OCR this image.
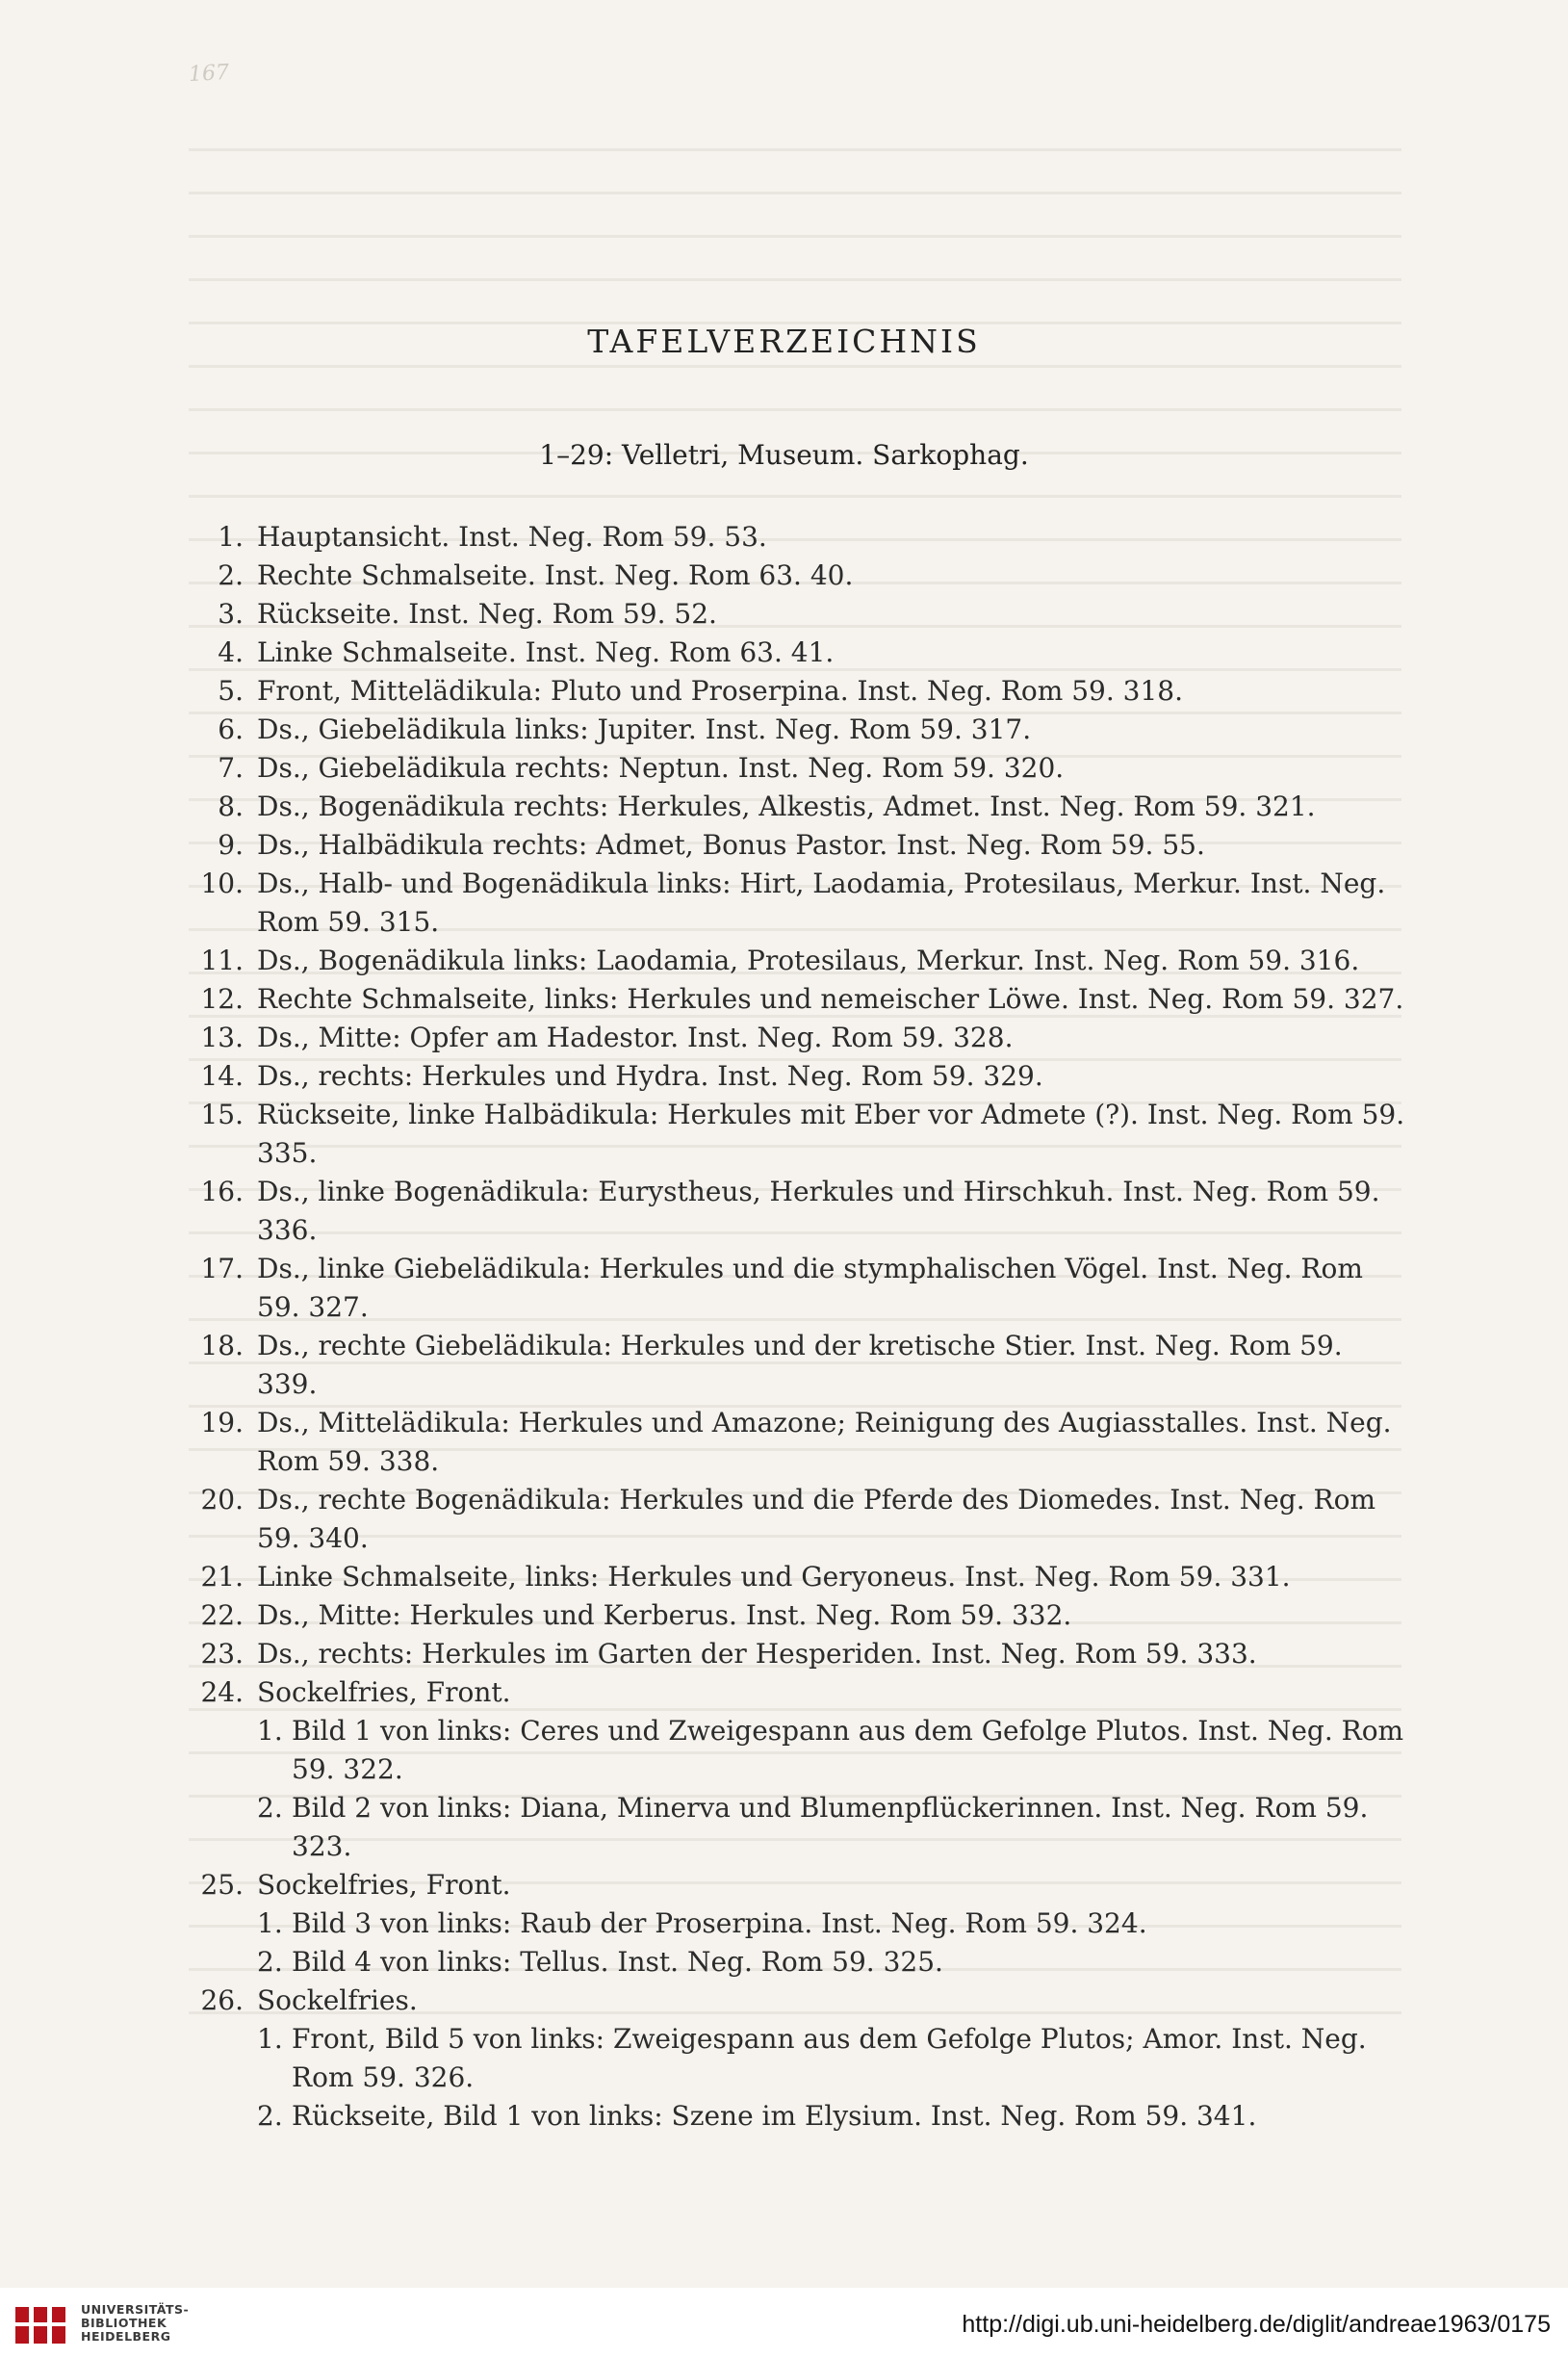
167
TAFELVERZEICHNIS
1–29: Velletri, Museum. Sarkophag.
1. Hauptansicht. Inst. Neg. Rom 59. 53.
2. Rechte Schmalseite. Inst. Neg. Rom 63. 40.
3. Rückseite. Inst. Neg. Rom 59. 52.
4. Linke Schmalseite. Inst. Neg. Rom 63. 41.
5. Front, Mittelädikula: Pluto und Proserpina. Inst. Neg. Rom 59. 318.
6. Ds., Giebelädikula links: Jupiter. Inst. Neg. Rom 59. 317.
7. Ds., Giebelädikula rechts: Neptun. Inst. Neg. Rom 59. 320.
8. Ds., Bogenädikula rechts: Herkules, Alkestis, Admet. Inst. Neg. Rom 59. 321.
9. Ds., Halbädikula rechts: Admet, Bonus Pastor. Inst. Neg. Rom 59. 55.
10. Ds., Halb- und Bogenädikula links: Hirt, Laodamia, Protesilaus, Merkur. Inst. Neg. Rom 59. 315.
11. Ds., Bogenädikula links: Laodamia, Protesilaus, Merkur. Inst. Neg. Rom 59. 316.
12. Rechte Schmalseite, links: Herkules und nemeischer Löwe. Inst. Neg. Rom 59. 327.
13. Ds., Mitte: Opfer am Hadestor. Inst. Neg. Rom 59. 328.
14. Ds., rechts: Herkules und Hydra. Inst. Neg. Rom 59. 329.
15. Rückseite, linke Halbädikula: Herkules mit Eber vor Admete (?). Inst. Neg. Rom 59. 335.
16. Ds., linke Bogenädikula: Eurystheus, Herkules und Hirschkuh. Inst. Neg. Rom 59. 336.
17. Ds., linke Giebelädikula: Herkules und die stymphalischen Vögel. Inst. Neg. Rom 59. 327.
18. Ds., rechte Giebelädikula: Herkules und der kretische Stier. Inst. Neg. Rom 59. 339.
19. Ds., Mittelädikula: Herkules und Amazone; Reinigung des Augiasstalles. Inst. Neg. Rom 59. 338.
20. Ds., rechte Bogenädikula: Herkules und die Pferde des Diomedes. Inst. Neg. Rom 59. 340.
21. Linke Schmalseite, links: Herkules und Geryoneus. Inst. Neg. Rom 59. 331.
22. Ds., Mitte: Herkules und Kerberus. Inst. Neg. Rom 59. 332.
23. Ds., rechts: Herkules im Garten der Hesperiden. Inst. Neg. Rom 59. 333.
24. Sockelfries, Front.
1. Bild 1 von links: Ceres und Zweigespann aus dem Gefolge Plutos. Inst. Neg. Rom 59. 322.
2. Bild 2 von links: Diana, Minerva und Blumenpflückerinnen. Inst. Neg. Rom 59. 323.
25. Sockelfries, Front.
1. Bild 3 von links: Raub der Proserpina. Inst. Neg. Rom 59. 324.
2. Bild 4 von links: Tellus. Inst. Neg. Rom 59. 325.
26. Sockelfries.
1. Front, Bild 5 von links: Zweigespann aus dem Gefolge Plutos; Amor. Inst. Neg. Rom 59. 326.
2. Rückseite, Bild 1 von links: Szene im Elysium. Inst. Neg. Rom 59. 341.
UNIVERSITÄTS-
BIBLIOTHEK
HEIDELBERG	http://digi.ub.uni-heidelberg.de/diglit/andreae1963/0175
